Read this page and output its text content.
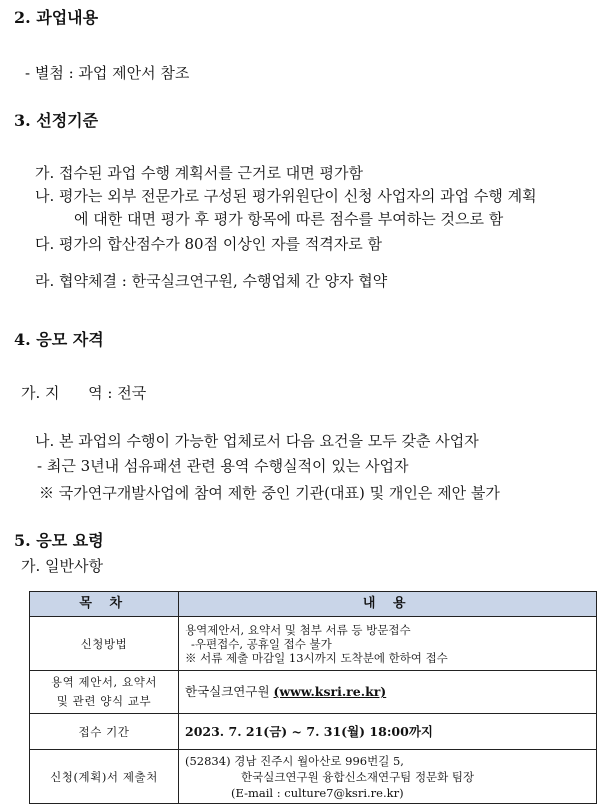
2. 과업내용
- 별첨 : 과업 제안서 참조
3. 선정기준
가. 접수된 과업 수행 계획서를 근거로 대면 평가함
나. 평가는 외부 전문가로 구성된 평가위원단이 신청 사업자의 과업 수행 계획
에 대한 대면 평가 후 평가 항목에 따른 점수를 부여하는 것으로 함
다. 평가의 합산점수가 80점 이상인 자를 적격자로 함
라. 협약체결 : 한국실크연구원, 수행업체 간 양자 협약
4. 응모 자격
가. 지      역 : 전국
나. 본 과업의 수행이 가능한 업체로서 다음 요건을 모두 갖춘 사업자
- 최근 3년내 섬유패션 관련 용역 수행실적이 있는 사업자
※ 국가연구개발사업에 참여 제한 중인 기관(대표) 및 개인은 제안 불가
5. 응모 요령
가. 일반사항
목 차	내 용
신청방법	용역제안서, 요약서 및 첨부 서류 등 방문접수
-우편접수, 공휴일 접수 불가
※ 서류 제출 마감일 13시까지 도착분에 한하여 접수

용역 제안서, 요약서
및 관련 양식 교부	한국실크연구원 (www.ksri.re.kr)
접수 기간	2023. 7. 21(금) ~ 7. 31(월) 18:00까지
신청(계획)서 제출처	(52834) 경남 진주시 월아산로 996번길 5,
한국실크연구원 융합신소재연구팀 정문화 팀장
(E-mail : culture7@ksri.re.kr)
